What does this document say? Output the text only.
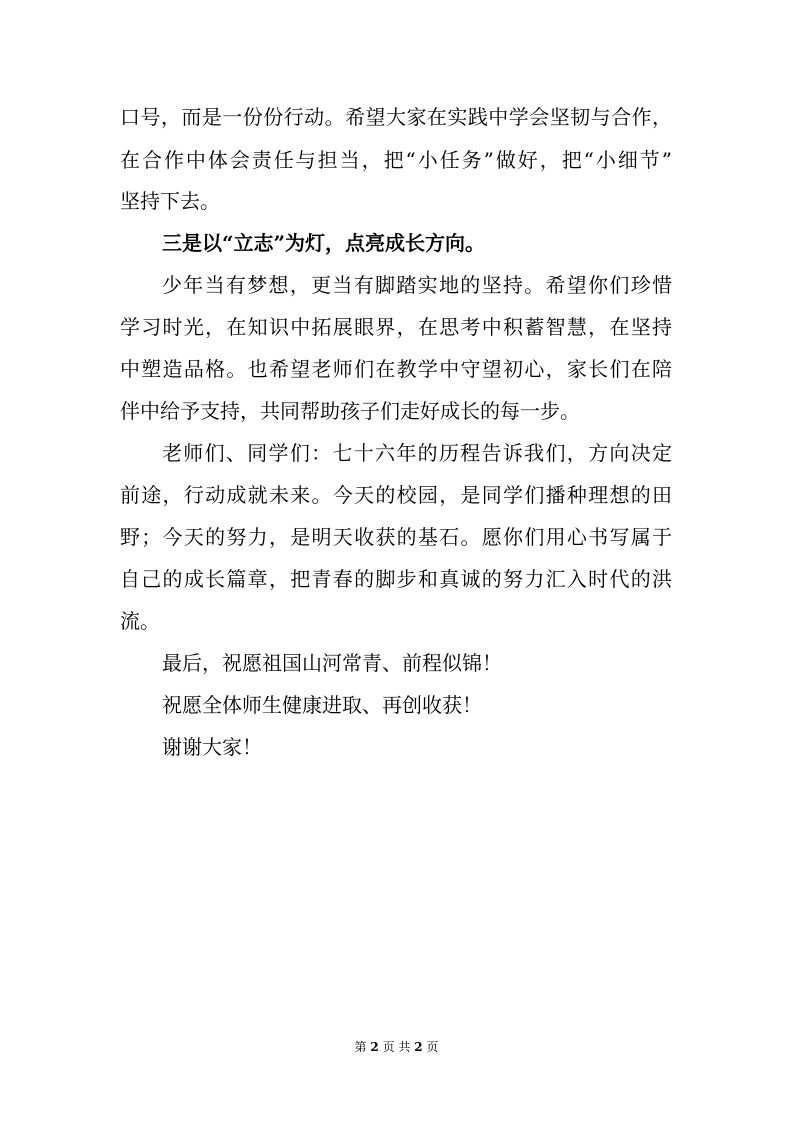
口号，而是一份份行动。希望大家在实践中学会坚韧与合作，
在合作中体会责任与担当，把“小任务”做好，把“小细节”
坚持下去。
三是以“立志”为灯，点亮成长方向。
少年当有梦想，更当有脚踏实地的坚持。希望你们珍惜
学习时光，在知识中拓展眼界，在思考中积蓄智慧，在坚持
中塑造品格。也希望老师们在教学中守望初心，家长们在陪
伴中给予支持，共同帮助孩子们走好成长的每一步。
老师们、同学们：七十六年的历程告诉我们，方向决定
前途，行动成就未来。今天的校园，是同学们播种理想的田
野；今天的努力，是明天收获的基石。愿你们用心书写属于
自己的成长篇章，把青春的脚步和真诚的努力汇入时代的洪
流。
最后，祝愿祖国山河常青、前程似锦！
祝愿全体师生健康进取、再创收获！
谢谢大家！
第 2 页 共 2 页
